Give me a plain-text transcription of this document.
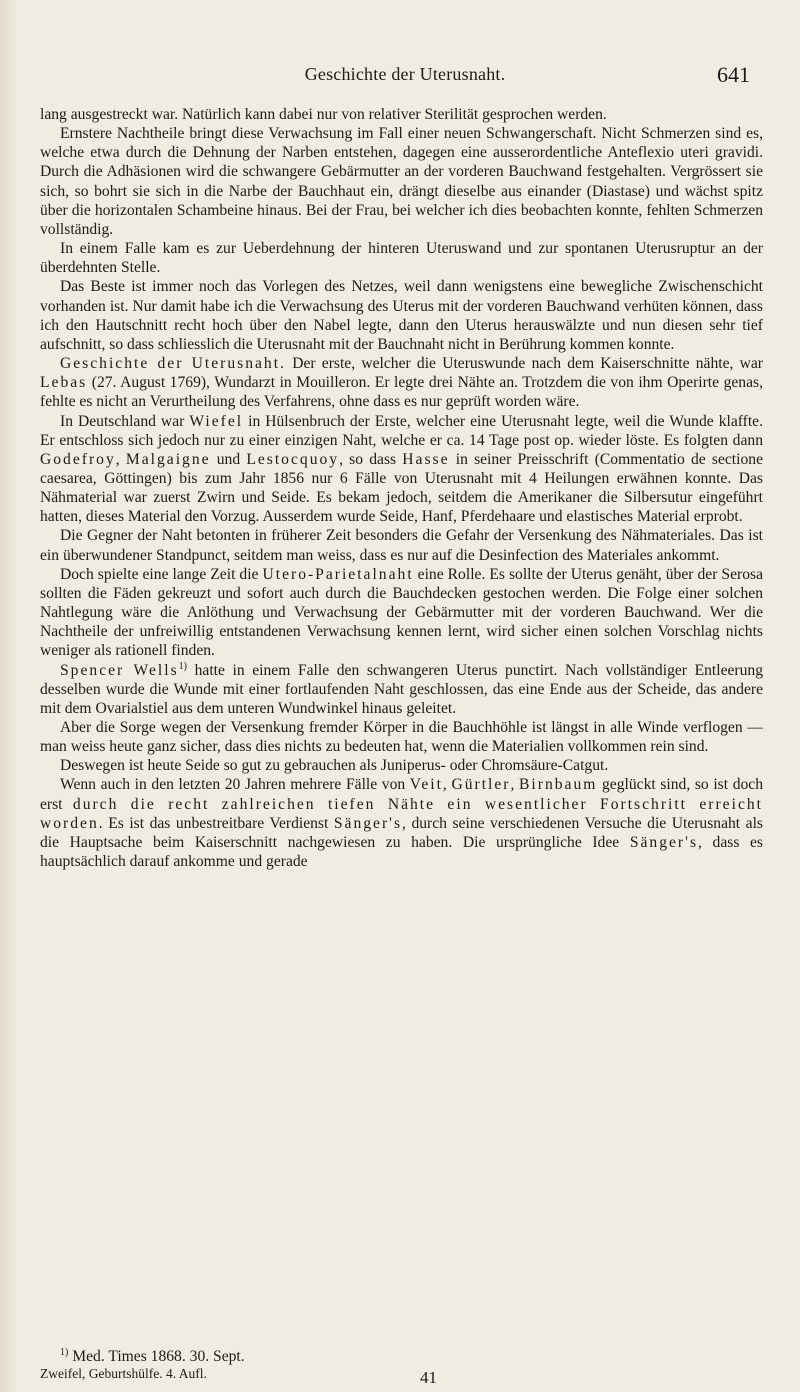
Geschichte der Uterusnaht.	641

lang ausgestreckt war. Natürlich kann dabei nur von relativer Sterilität gesprochen werden.

Ernstere Nachtheile bringt diese Verwachsung im Fall einer neuen Schwangerschaft. Nicht Schmerzen sind es, welche etwa durch die Dehnung der Narben entstehen, dagegen eine ausserordentliche Anteflexio uteri gravidi. Durch die Adhäsionen wird die schwangere Gebärmutter an der vorderen Bauchwand festgehalten. Vergrössert sie sich, so bohrt sie sich in die Narbe der Bauchhaut ein, drängt dieselbe aus einander (Diastase) und wächst spitz über die horizontalen Schambeine hinaus. Bei der Frau, bei welcher ich dies beobachten konnte, fehlten Schmerzen vollständig.

In einem Falle kam es zur Ueberdehnung der hinteren Uteruswand und zur spontanen Uterusruptur an der überdehnten Stelle.

Das Beste ist immer noch das Vorlegen des Netzes, weil dann wenigstens eine bewegliche Zwischenschicht vorhanden ist. Nur damit habe ich die Verwachsung des Uterus mit der vorderen Bauchwand verhüten können, dass ich den Hautschnitt recht hoch über den Nabel legte, dann den Uterus herauswälzte und nun diesen sehr tief aufschnitt, so dass schliesslich die Uterusnaht mit der Bauchnaht nicht in Berührung kommen konnte.

Geschichte der Uterusnaht. Der erste, welcher die Uteruswunde nach dem Kaiserschnitte nähte, war Lebas (27. August 1769), Wundarzt in Mouilleron. Er legte drei Nähte an. Trotzdem die von ihm Operirte genas, fehlte es nicht an Verurtheilung des Verfahrens, ohne dass es nur geprüft worden wäre.

In Deutschland war Wiefel in Hülsenbruch der Erste, welcher eine Uterusnaht legte, weil die Wunde klaffte. Er entschloss sich jedoch nur zu einer einzigen Naht, welche er ca. 14 Tage post op. wieder löste. Es folgten dann Godefroy, Malgaigne und Lestocquoy, so dass Hasse in seiner Preisschrift (Commentatio de sectione caesarea, Göttingen) bis zum Jahr 1856 nur 6 Fälle von Uterusnaht mit 4 Heilungen erwähnen konnte. Das Nähmaterial war zuerst Zwirn und Seide. Es bekam jedoch, seitdem die Amerikaner die Silbersutur eingeführt hatten, dieses Material den Vorzug. Ausserdem wurde Seide, Hanf, Pferdehaare und elastisches Material erprobt.

Die Gegner der Naht betonten in früherer Zeit besonders die Gefahr der Versenkung des Nähmateriales. Das ist ein überwundener Standpunct, seitdem man weiss, dass es nur auf die Desinfection des Materiales ankommt.

Doch spielte eine lange Zeit die Utero-Parietalnaht eine Rolle. Es sollte der Uterus genäht, über der Serosa sollten die Fäden gekreuzt und sofort auch durch die Bauchdecken gestochen werden. Die Folge einer solchen Nahtlegung wäre die Anlöthung und Verwachsung der Gebärmutter mit der vorderen Bauchwand. Wer die Nachtheile der unfreiwillig entstandenen Verwachsung kennen lernt, wird sicher einen solchen Vorschlag nichts weniger als rationell finden.

Spencer Wells$^{1)}$ hatte in einem Falle den schwangeren Uterus punctirt. Nach vollständiger Entleerung desselben wurde die Wunde mit einer fortlaufenden Naht geschlossen, das eine Ende aus der Scheide, das andere mit dem Ovarialstiel aus dem unteren Wundwinkel hinaus geleitet.

Aber die Sorge wegen der Versenkung fremder Körper in die Bauchhöhle ist längst in alle Winde verflogen — man weiss heute ganz sicher, dass dies nichts zu bedeuten hat, wenn die Materialien vollkommen rein sind.

Deswegen ist heute Seide so gut zu gebrauchen als Juniperus- oder Chromsäure-Catgut.

Wenn auch in den letzten 20 Jahren mehrere Fälle von Veit, Gürtler, Birnbaum geglückt sind, so ist doch erst durch die recht zahlreichen tiefen Nähte ein wesentlicher Fortschritt erreicht worden. Es ist das unbestreitbare Verdienst Sänger's, durch seine verschiedenen Versuche die Uterusnaht als die Hauptsache beim Kaiserschnitt nachgewiesen zu haben. Die ursprüngliche Idee Sänger's, dass es hauptsächlich darauf ankomme und gerade

$^{1)}$ Med. Times 1868. 30. Sept.
Zweifel, Geburtshülfe. 4. Aufl.	41
